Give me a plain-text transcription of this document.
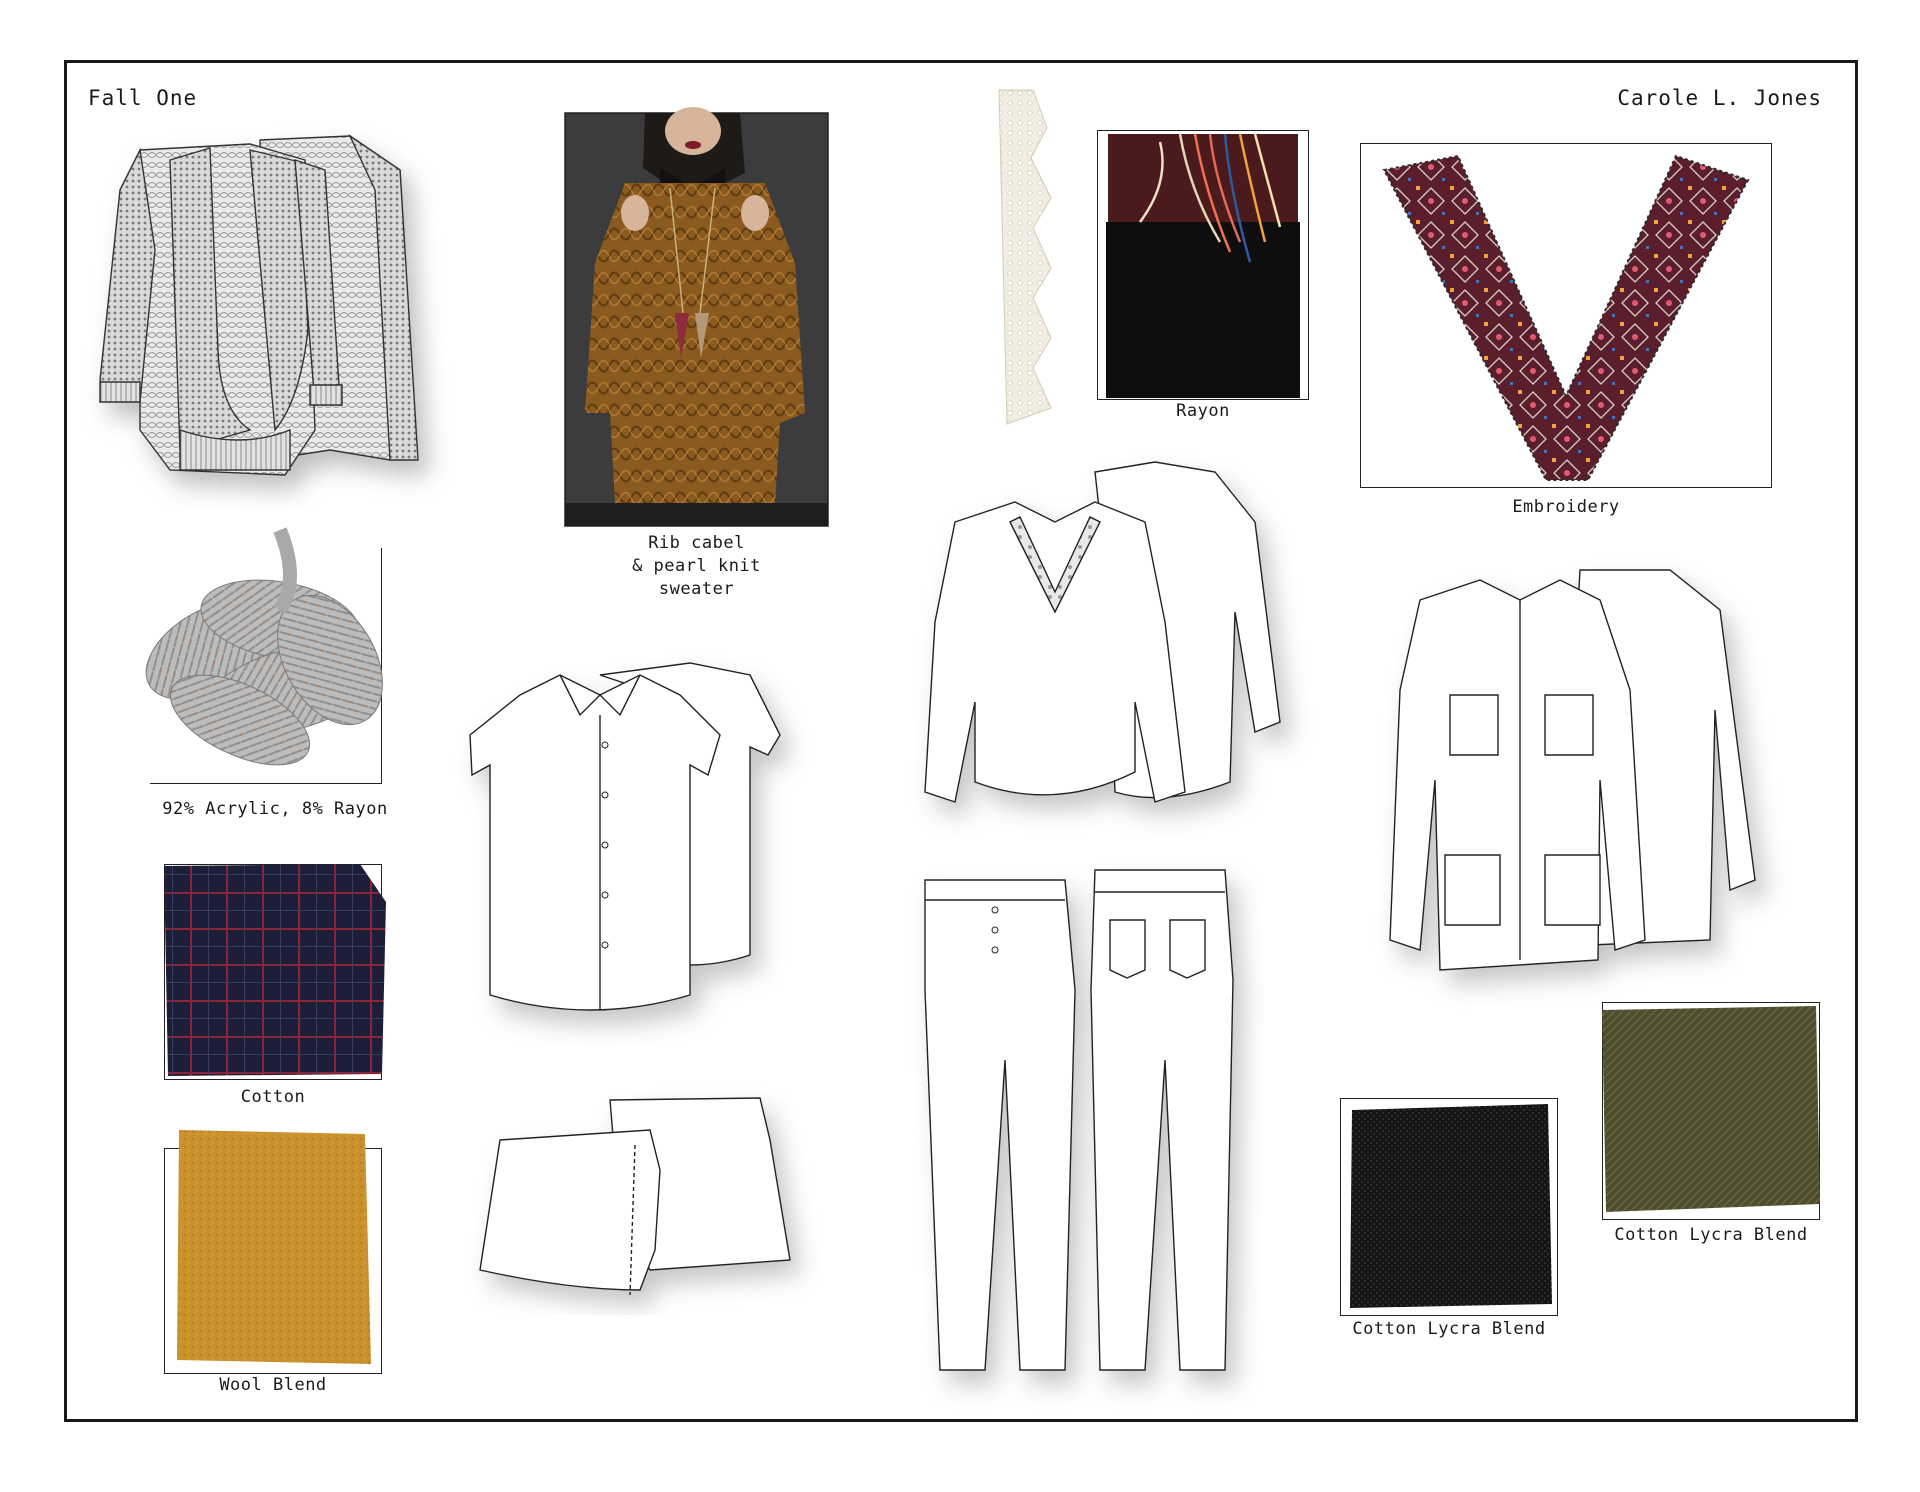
Fall One	Carole L. Jones
Rib cabel
& pearl knit
sweater
92% Acrylic, 8% Rayon
Cotton
Wool Blend
Rayon
Embroidery
Cotton Lycra Blend
Cotton Lycra Blend
